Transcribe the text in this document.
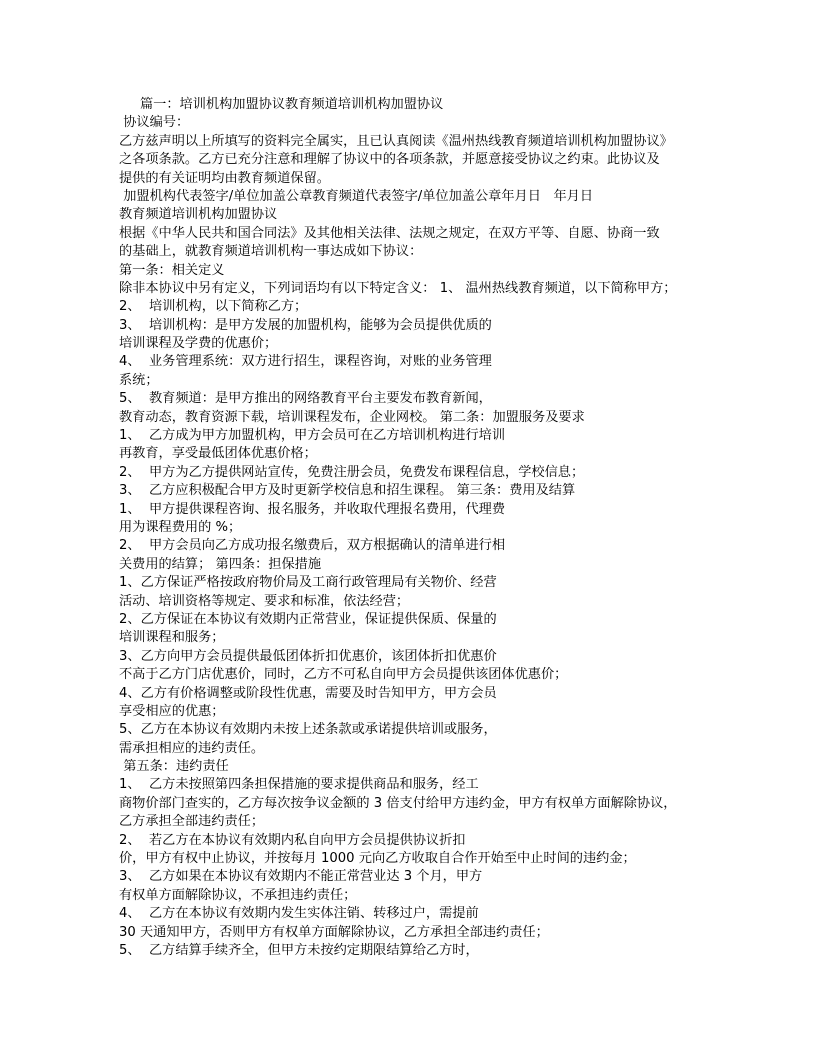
篇一：培训机构加盟协议教育频道培训机构加盟协议
协议编号：
乙方兹声明以上所填写的资料完全属实，且已认真阅读《温州热线教育频道培训机构加盟协议》
之各项条款。乙方已充分注意和理解了协议中的各项条款，并愿意接受协议之约束。此协议及
提供的有关证明均由教育频道保留。
加盟机构代表签字/单位加盖公章教育频道代表签字/单位加盖公章年月日   年月日
教育频道培训机构加盟协议
根据《中华人民共和国合同法》及其他相关法律、法规之规定，在双方平等、自愿、协商一致
的基础上，就教育频道培训机构一事达成如下协议：
第一条：相关定义
除非本协议中另有定义，下列词语均有以下特定含义： 1、 温州热线教育频道，以下简称甲方；
2、  培训机构，以下简称乙方；
3、  培训机构：是甲方发展的加盟机构，能够为会员提供优质的
培训课程及学费的优惠价；
4、  业务管理系统：双方进行招生，课程咨询，对账的业务管理
系统；
5、  教育频道：是甲方推出的网络教育平台主要发布教育新闻，
教育动态，教育资源下载，培训课程发布，企业网校。 第二条：加盟服务及要求
1、  乙方成为甲方加盟机构，甲方会员可在乙方培训机构进行培训
再教育，享受最低团体优惠价格；
2、  甲方为乙方提供网站宣传，免费注册会员，免费发布课程信息，学校信息；
3、  乙方应积极配合甲方及时更新学校信息和招生课程。 第三条：费用及结算
1、  甲方提供课程咨询、报名服务，并收取代理报名费用，代理费
用为课程费用的 %；
2、  甲方会员向乙方成功报名缴费后，双方根据确认的清单进行相
关费用的结算； 第四条：担保措施
1、乙方保证严格按政府物价局及工商行政管理局有关物价、经营
活动、培训资格等规定、要求和标准，依法经营；
2、乙方保证在本协议有效期内正常营业，保证提供保质、保量的
培训课程和服务；
3、乙方向甲方会员提供最低团体折扣优惠价，该团体折扣优惠价
不高于乙方门店优惠价，同时，乙方不可私自向甲方会员提供该团体优惠价；
4、乙方有价格调整或阶段性优惠，需要及时告知甲方，甲方会员
享受相应的优惠；
5、乙方在本协议有效期内未按上述条款或承诺提供培训或服务，
需承担相应的违约责任。
第五条：违约责任
1、  乙方未按照第四条担保措施的要求提供商品和服务，经工
商物价部门查实的，乙方每次按争议金额的 3 倍支付给甲方违约金，甲方有权单方面解除协议，
乙方承担全部违约责任；
2、  若乙方在本协议有效期内私自向甲方会员提供协议折扣
价，甲方有权中止协议，并按每月 1000 元向乙方收取自合作开始至中止时间的违约金；
3、  乙方如果在本协议有效期内不能正常营业达 3 个月，甲方
有权单方面解除协议，不承担违约责任；
4、  乙方在本协议有效期内发生实体注销、转移过户，需提前
30 天通知甲方，否则甲方有权单方面解除协议，乙方承担全部违约责任；
5、  乙方结算手续齐全，但甲方未按约定期限结算给乙方时，
